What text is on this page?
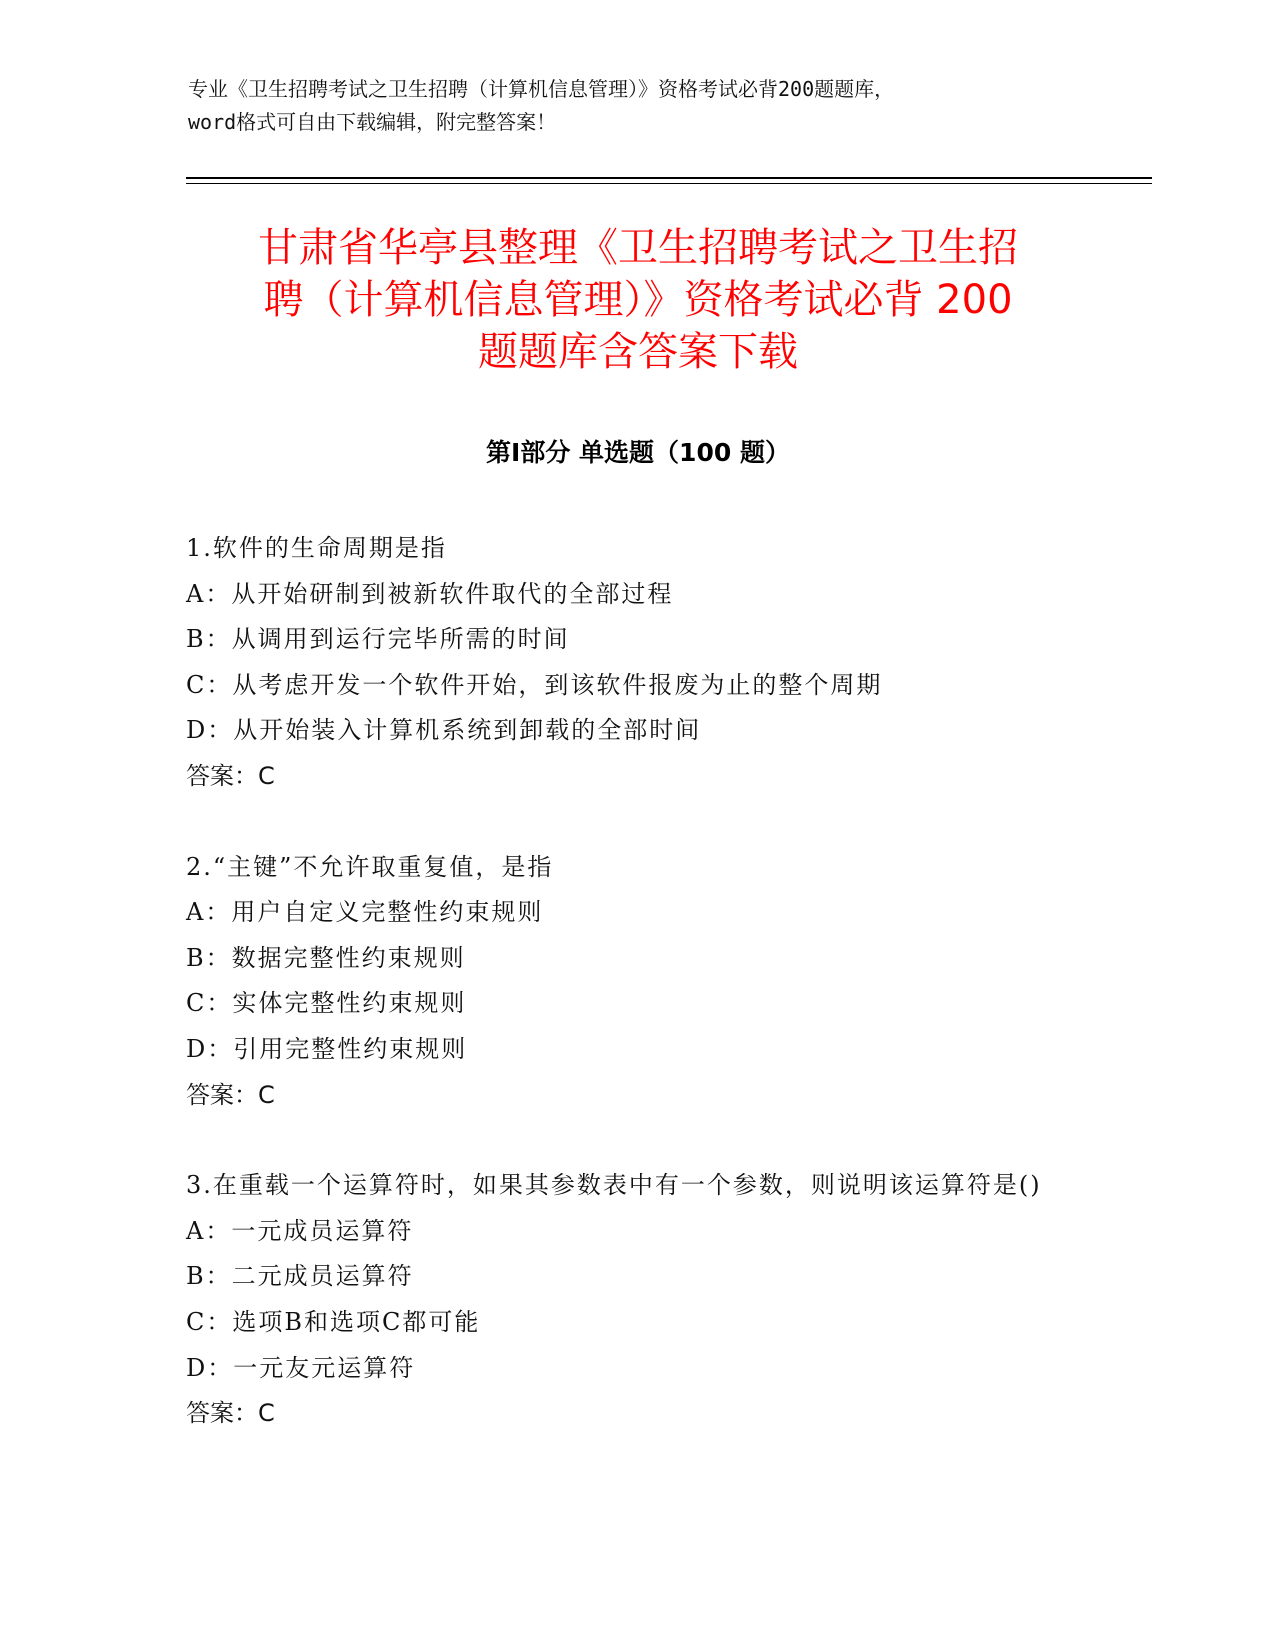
专业《卫生招聘考试之卫生招聘（计算机信息管理）》资格考试必背200题题库，
word格式可自由下载编辑，附完整答案！
甘肃省华亭县整理《卫生招聘考试之卫生招
聘（计算机信息管理）》资格考试必背 200
题题库含答案下载
第Ⅰ部分 单选题（100 题）
1.软件的生命周期是指
A：从开始研制到被新软件取代的全部过程
B：从调用到运行完毕所需的时间
C：从考虑开发一个软件开始，到该软件报废为止的整个周期
D：从开始装入计算机系统到卸载的全部时间
答案：C
2.“主键”不允许取重复值，是指
A：用户自定义完整性约束规则
B：数据完整性约束规则
C：实体完整性约束规则
D：引用完整性约束规则
答案：C
3.在重载一个运算符时，如果其参数表中有一个参数，则说明该运算符是()
A：一元成员运算符
B：二元成员运算符
C：选项B和选项C都可能
D：一元友元运算符
答案：C
